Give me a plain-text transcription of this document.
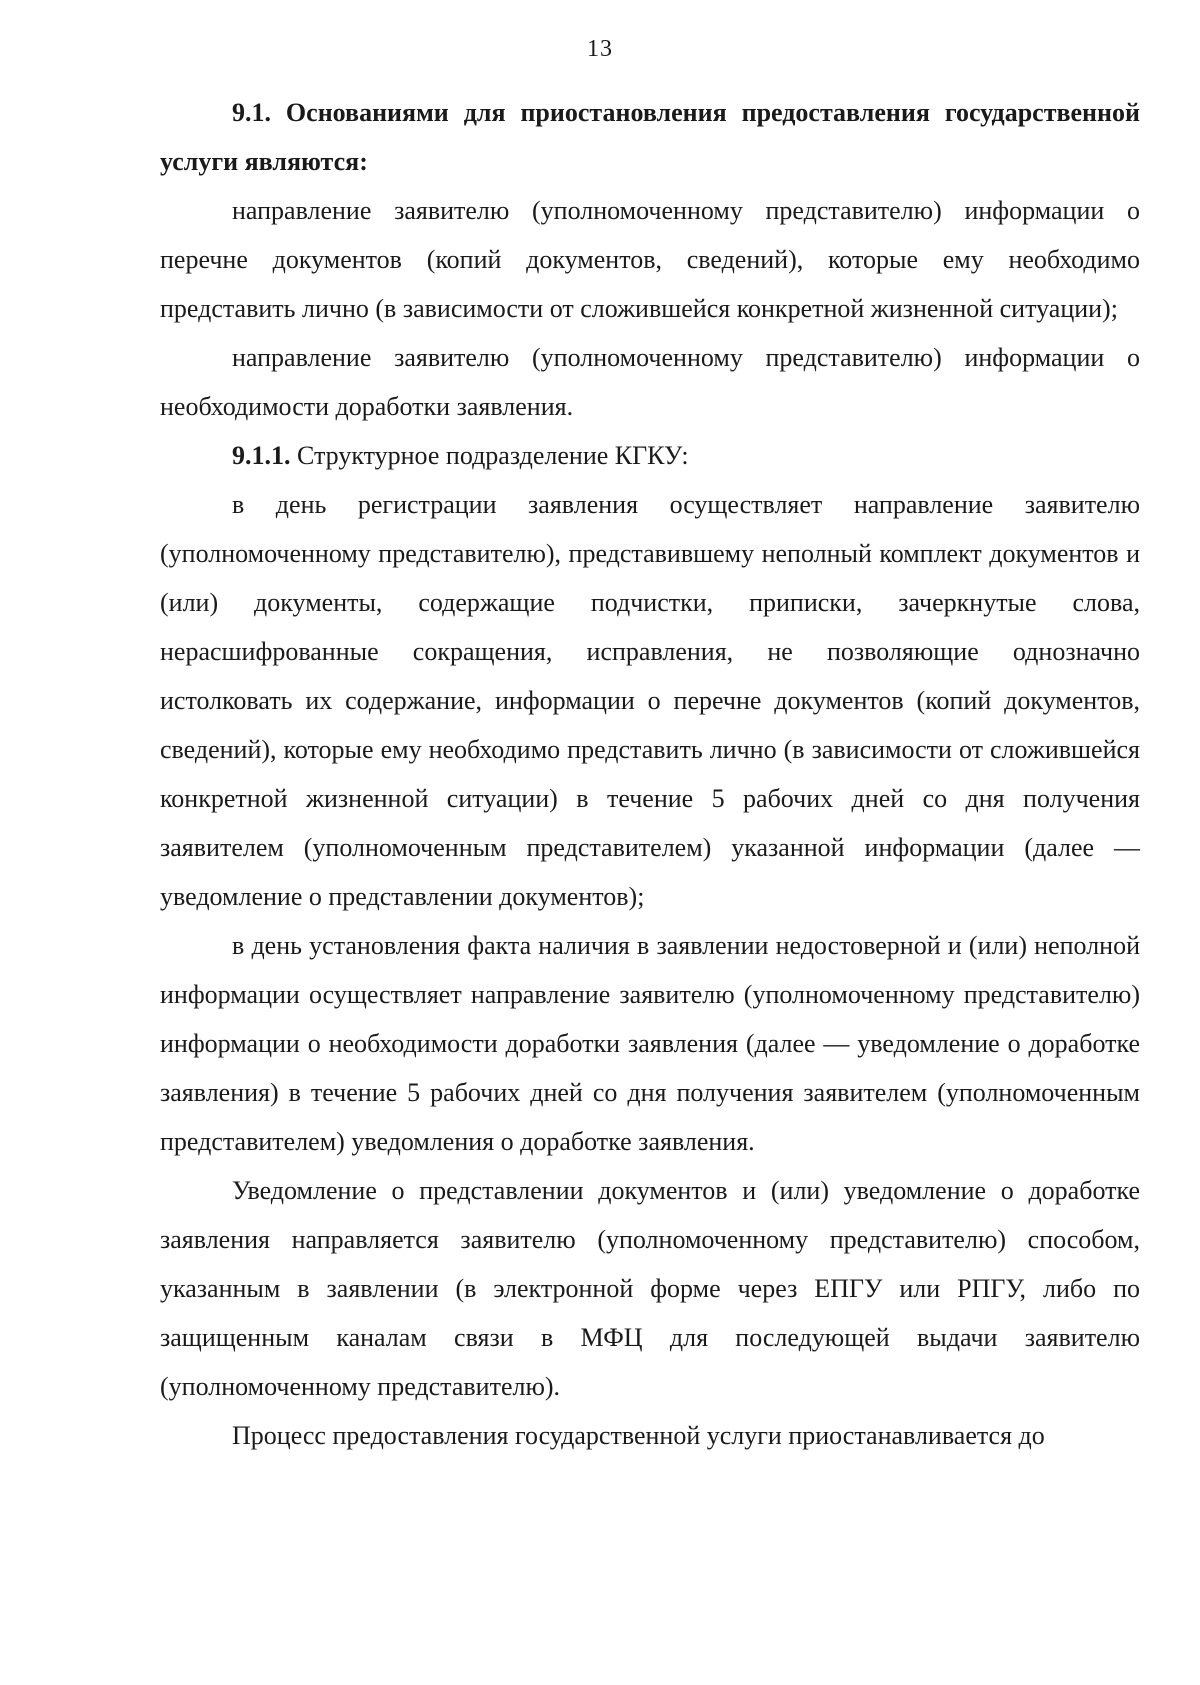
13

9.1. Основаниями для приостановления предоставления государственной услуги являются:

направление заявителю (уполномоченному представителю) информации о перечне документов (копий документов, сведений), которые ему необходимо представить лично (в зависимости от сложившейся конкретной жизненной ситуации);

направление заявителю (уполномоченному представителю) информации о необходимости доработки заявления.

9.1.1. Структурное подразделение КГКУ:

в день регистрации заявления осуществляет направление заявителю (уполномоченному представителю), представившему неполный комплект документов и (или) документы, содержащие подчистки, приписки, зачеркнутые слова, нерасшифрованные сокращения, исправления, не позволяющие однозначно истолковать их содержание, информации о перечне документов (копий документов, сведений), которые ему необходимо представить лично (в зависимости от сложившейся конкретной жизненной ситуации) в течение 5 рабочих дней со дня получения заявителем (уполномоченным представителем) указанной информации (далее — уведомление о представлении документов);

в день установления факта наличия в заявлении недостоверной и (или) неполной информации осуществляет направление заявителю (уполномоченному представителю) информации о необходимости доработки заявления (далее — уведомление о доработке заявления) в течение 5 рабочих дней со дня получения заявителем (уполномоченным представителем) уведомления о доработке заявления.

Уведомление о представлении документов и (или) уведомление о доработке заявления направляется заявителю (уполномоченному представителю) способом, указанным в заявлении (в электронной форме через ЕПГУ или РПГУ, либо по защищенным каналам связи в МФЦ для последующей выдачи заявителю (уполномоченному представителю).

Процесс предоставления государственной услуги приостанавливается до
